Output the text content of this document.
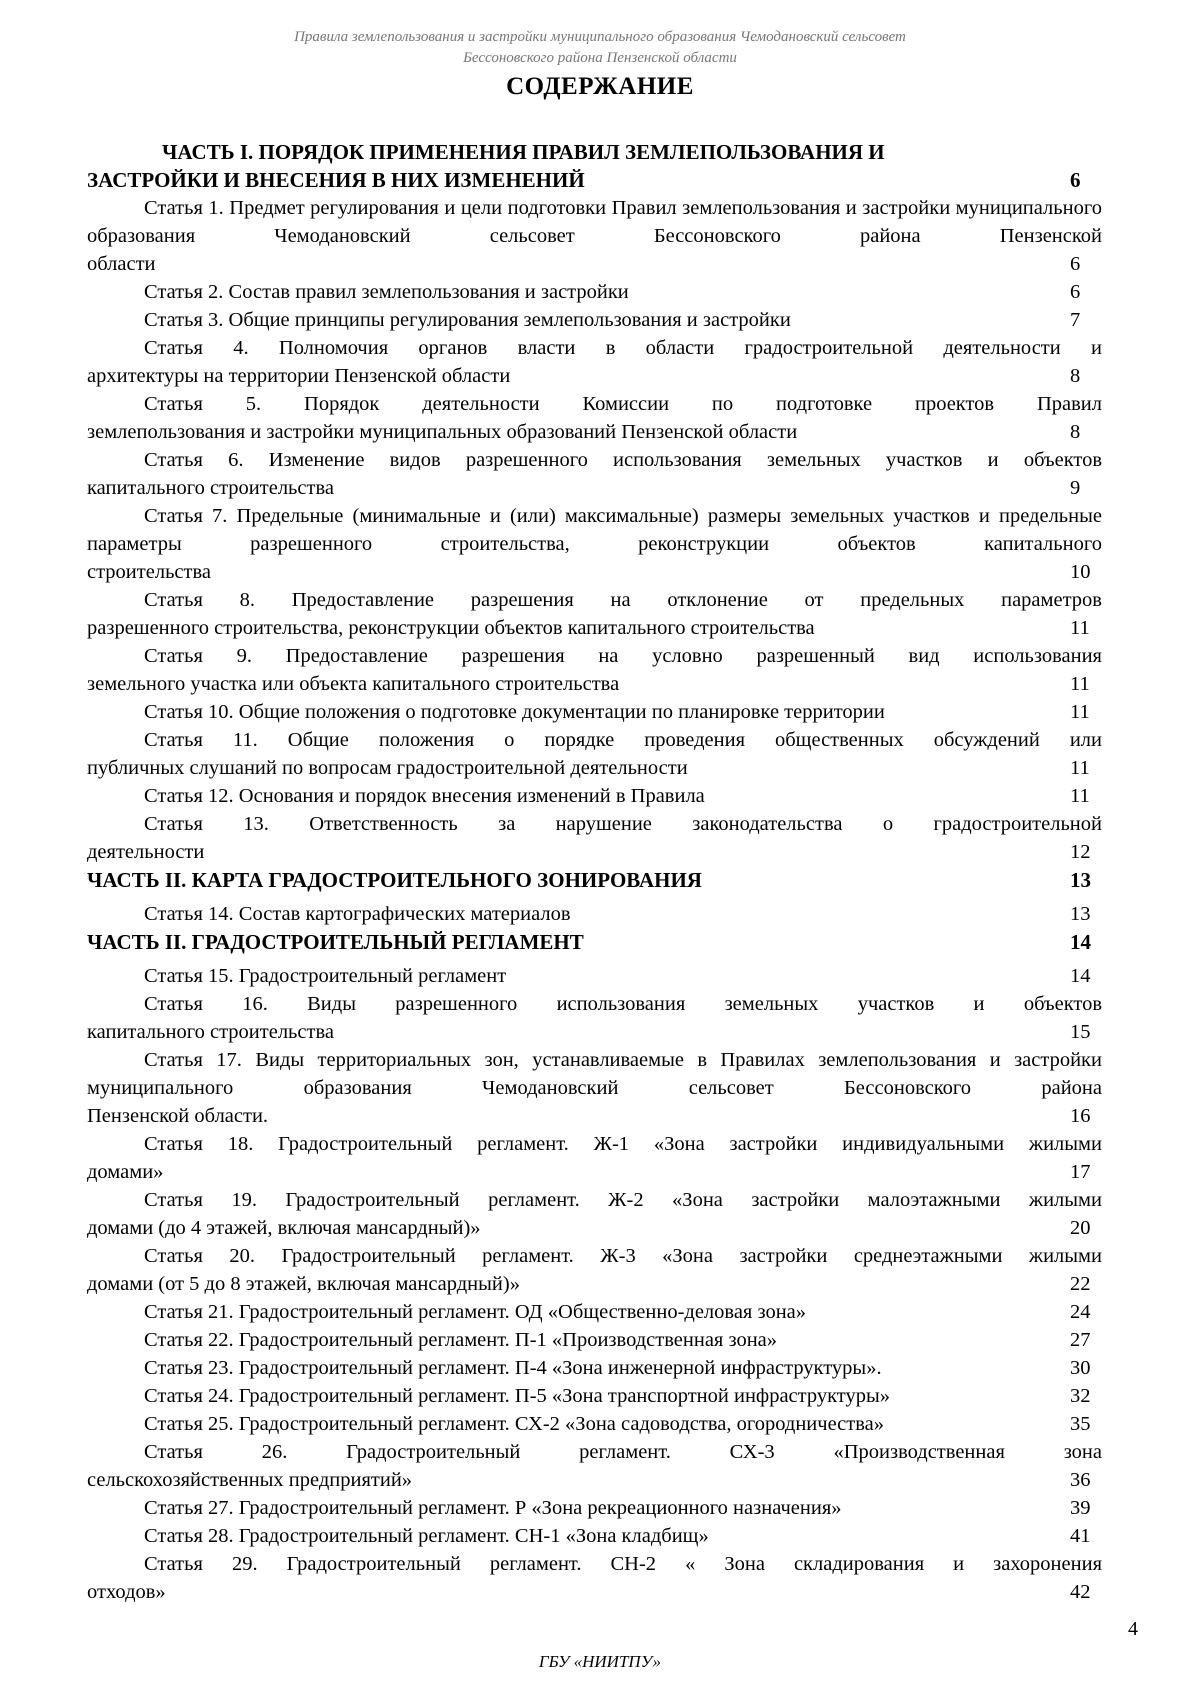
Правила землепользования и застройки муниципального образования Чемодановский сельсовет
Бессоновского района Пензенской области
СОДЕРЖАНИЕ
ЧАСТЬ I. ПОРЯДОК ПРИМЕНЕНИЯ ПРАВИЛ ЗЕМЛЕПОЛЬЗОВАНИЯ И
ЗАСТРОЙКИ И ВНЕСЕНИЯ В НИХ ИЗМЕНЕНИЙ	6
Статья 1. Предмет регулирования и цели подготовки Правил землепользования и застройки муниципального образования Чемодановский сельсовет Бессоновского района Пензенской
области	6
Статья 2. Состав правил землепользования и застройки	6
Статья 3. Общие принципы регулирования землепользования и застройки	7
Статья 4. Полномочия органов власти в области градостроительной деятельности и
архитектуры на территории Пензенской области	8
Статья 5. Порядок деятельности Комиссии по подготовке проектов Правил
землепользования и застройки муниципальных образований Пензенской области	8
Статья 6. Изменение видов разрешенного использования земельных участков и объектов
капитального строительства	9
Статья 7. Предельные (минимальные и (или) максимальные) размеры земельных участков и предельные параметры разрешенного строительства, реконструкции объектов капитального
строительства	10
Статья 8. Предоставление разрешения на отклонение от предельных параметров
разрешенного строительства, реконструкции объектов капитального строительства	11
Статья 9. Предоставление разрешения на условно разрешенный вид использования
земельного участка или объекта капитального строительства	11
Статья 10. Общие положения о подготовке документации по планировке территории	11
Статья 11. Общие положения о порядке проведения общественных обсуждений или
публичных слушаний по вопросам градостроительной деятельности	11
Статья 12. Основания и порядок внесения изменений в Правила	11
Статья 13. Ответственность за нарушение законодательства о градостроительной
деятельности	12
ЧАСТЬ II. КАРТА ГРАДОСТРОИТЕЛЬНОГО ЗОНИРОВАНИЯ	13
Статья 14. Состав картографических материалов	13
ЧАСТЬ II. ГРАДОСТРОИТЕЛЬНЫЙ РЕГЛАМЕНТ	14
Статья 15. Градостроительный регламент	14
Статья 16. Виды разрешенного использования земельных участков и объектов
капитального строительства	15
Статья 17. Виды территориальных зон, устанавливаемые в Правилах землепользования и застройки муниципального образования Чемодановский сельсовет Бессоновского района
Пензенской области.	16
Статья 18. Градостроительный регламент. Ж-1 «Зона застройки индивидуальными жилыми
домами»	17
Статья 19. Градостроительный регламент. Ж-2 «Зона застройки малоэтажными жилыми
домами (до 4 этажей, включая мансардный)»	20
Статья 20. Градостроительный регламент. Ж-3 «Зона застройки среднеэтажными жилыми
домами (от 5 до 8 этажей, включая мансардный)»	22
Статья 21. Градостроительный регламент. ОД «Общественно-деловая зона»	24
Статья 22. Градостроительный регламент. П-1 «Производственная зона»	27
Статья 23. Градостроительный регламент. П-4 «Зона инженерной инфраструктуры».	30
Статья 24. Градостроительный регламент. П-5 «Зона транспортной инфраструктуры»	32
Статья 25. Градостроительный регламент. СХ-2 «Зона садоводства, огородничества»	35
Статья 26. Градостроительный регламент. СХ-3 «Производственная зона
сельскохозяйственных предприятий»	36
Статья 27. Градостроительный регламент. Р «Зона рекреационного назначения»	39
Статья 28. Градостроительный регламент. СН-1 «Зона кладбищ»	41
Статья 29. Градостроительный регламент. СН-2 « Зона складирования и захоронения
отходов»	42
4
ГБУ «НИИТПУ»
